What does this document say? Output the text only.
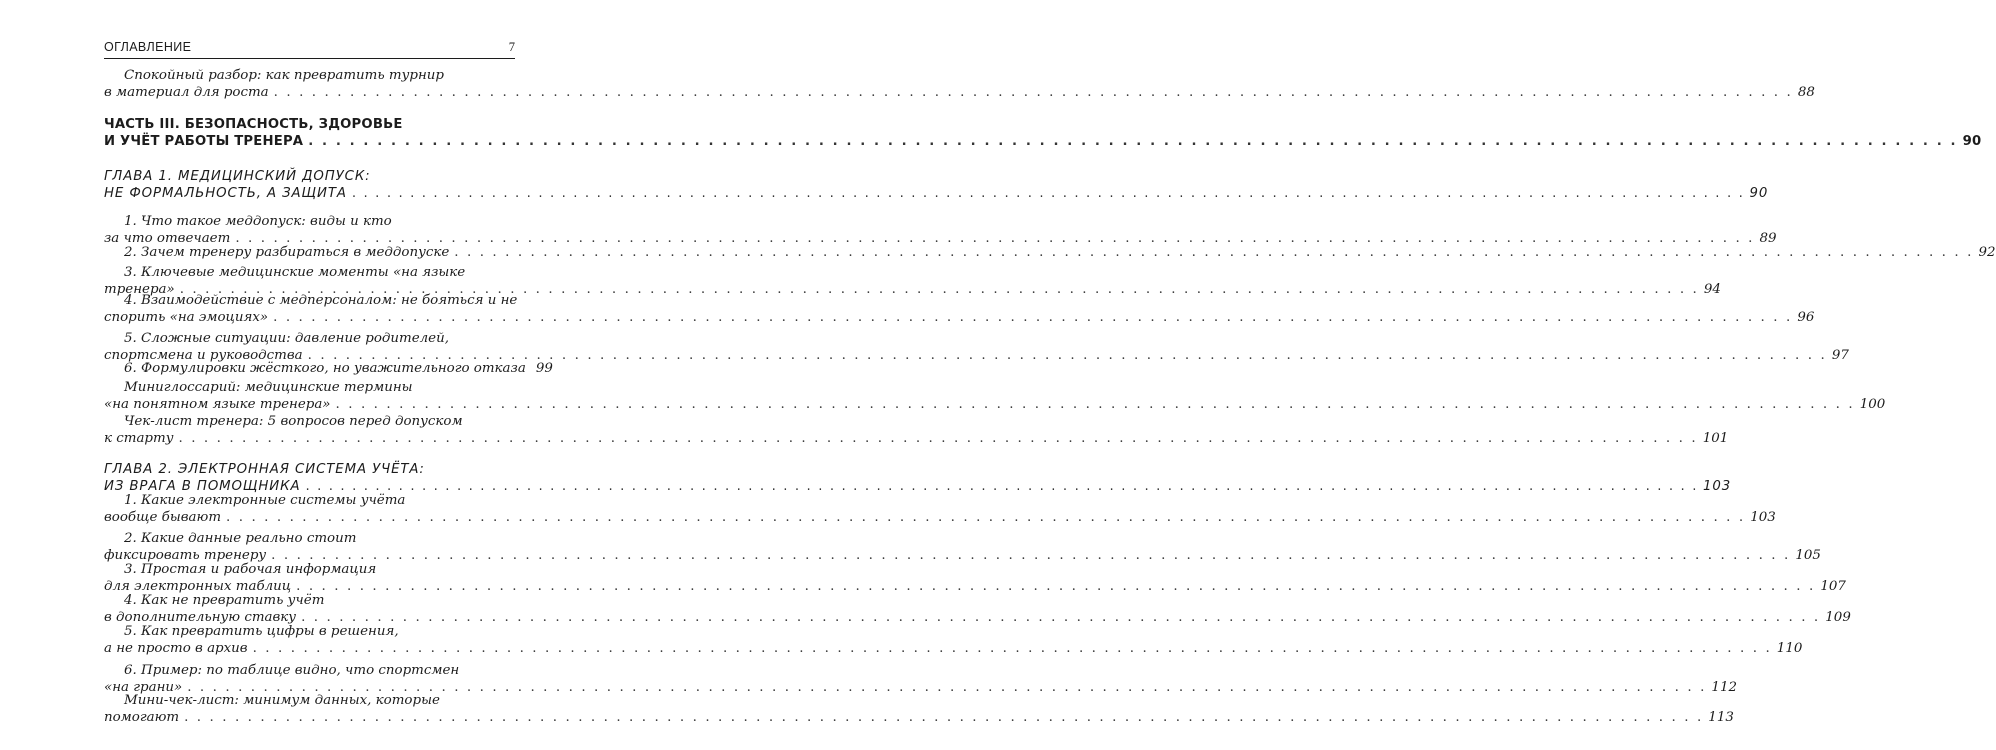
ОГЛАВЛЕНИЕ	7
Спокойный разбор: как превратить турнир
в материал для роста . . . . . . . . . . . . . . . . . . . . . . . . . . . . . . . . . . . . . . . . . . . . . . . . . . . . . . . . . . . . . . . . . . . . . . . . . . . . . . . . . . . . . . . . . . . . . . . . . . . . . . . . . . . . . . . . . . . . . . . . 88
ЧАСТЬ III. БЕЗОПАСНОСТЬ, ЗДОРОВЬЕ
И УЧЁТ РАБОТЫ ТРЕНЕРА . . . . . . . . . . . . . . . . . . . . . . . . . . . . . . . . . . . . . . . . . . . . . . . . . . . . . . . . . . . . . . . . . . . . . . . . . . . . . . . . . . . . . . . . . . . . . . . . . . . . . . . . . . . . . . . . . . . . . . . . 90
ГЛАВА 1. МЕДИЦИНСКИЙ ДОПУСК:
НЕ ФОРМАЛЬНОСТЬ, А ЗАЩИТА . . . . . . . . . . . . . . . . . . . . . . . . . . . . . . . . . . . . . . . . . . . . . . . . . . . . . . . . . . . . . . . . . . . . . . . . . . . . . . . . . . . . . . . . . . . . . . . . . . . . . . . . . . . . . . . . . . . . . . . . 90
1. Что такое меддопуск: виды и кто
за что отвечает . . . . . . . . . . . . . . . . . . . . . . . . . . . . . . . . . . . . . . . . . . . . . . . . . . . . . . . . . . . . . . . . . . . . . . . . . . . . . . . . . . . . . . . . . . . . . . . . . . . . . . . . . . . . . . . . . . . . . . . . 89
2. Зачем тренеру разбираться в меддопуске . . . . . . . . . . . . . . . . . . . . . . . . . . . . . . . . . . . . . . . . . . . . . . . . . . . . . . . . . . . . . . . . . . . . . . . . . . . . . . . . . . . . . . . . . . . . . . . . . . . . . . . . . . . . . . . . . . . . . . . . 92
3. Ключевые медицинские моменты «на языке
тренера» . . . . . . . . . . . . . . . . . . . . . . . . . . . . . . . . . . . . . . . . . . . . . . . . . . . . . . . . . . . . . . . . . . . . . . . . . . . . . . . . . . . . . . . . . . . . . . . . . . . . . . . . . . . . . . . . . . . . . . . . 94
4. Взаимодействие с медперсоналом: не бояться и не
спорить «на эмоциях» . . . . . . . . . . . . . . . . . . . . . . . . . . . . . . . . . . . . . . . . . . . . . . . . . . . . . . . . . . . . . . . . . . . . . . . . . . . . . . . . . . . . . . . . . . . . . . . . . . . . . . . . . . . . . . . . . . . . . . . . 96
5. Сложные ситуации: давление родителей,
спортсмена и руководства . . . . . . . . . . . . . . . . . . . . . . . . . . . . . . . . . . . . . . . . . . . . . . . . . . . . . . . . . . . . . . . . . . . . . . . . . . . . . . . . . . . . . . . . . . . . . . . . . . . . . . . . . . . . . . . . . . . . . . . . 97
6. Формулировки жёсткого, но уважительного отказа 99
Миниглоссарий: медицинские термины
«на понятном языке тренера» . . . . . . . . . . . . . . . . . . . . . . . . . . . . . . . . . . . . . . . . . . . . . . . . . . . . . . . . . . . . . . . . . . . . . . . . . . . . . . . . . . . . . . . . . . . . . . . . . . . . . . . . . . . . . . . . . . . . . . . . 100
Чек-лист тренера: 5 вопросов перед допуском
к старту . . . . . . . . . . . . . . . . . . . . . . . . . . . . . . . . . . . . . . . . . . . . . . . . . . . . . . . . . . . . . . . . . . . . . . . . . . . . . . . . . . . . . . . . . . . . . . . . . . . . . . . . . . . . . . . . . . . . . . . . 101
ГЛАВА 2. ЭЛЕКТРОННАЯ СИСТЕМА УЧЁТА:
ИЗ ВРАГА В ПОМОЩНИКА . . . . . . . . . . . . . . . . . . . . . . . . . . . . . . . . . . . . . . . . . . . . . . . . . . . . . . . . . . . . . . . . . . . . . . . . . . . . . . . . . . . . . . . . . . . . . . . . . . . . . . . . . . . . . . . . . . . . . . . . 103
1. Какие электронные системы учёта
вообще бывают . . . . . . . . . . . . . . . . . . . . . . . . . . . . . . . . . . . . . . . . . . . . . . . . . . . . . . . . . . . . . . . . . . . . . . . . . . . . . . . . . . . . . . . . . . . . . . . . . . . . . . . . . . . . . . . . . . . . . . . . 103
2. Какие данные реально стоит
фиксировать тренеру . . . . . . . . . . . . . . . . . . . . . . . . . . . . . . . . . . . . . . . . . . . . . . . . . . . . . . . . . . . . . . . . . . . . . . . . . . . . . . . . . . . . . . . . . . . . . . . . . . . . . . . . . . . . . . . . . . . . . . . . 105
3. Простая и рабочая информация
для электронных таблиц . . . . . . . . . . . . . . . . . . . . . . . . . . . . . . . . . . . . . . . . . . . . . . . . . . . . . . . . . . . . . . . . . . . . . . . . . . . . . . . . . . . . . . . . . . . . . . . . . . . . . . . . . . . . . . . . . . . . . . . . 107
4. Как не превратить учёт
в дополнительную ставку . . . . . . . . . . . . . . . . . . . . . . . . . . . . . . . . . . . . . . . . . . . . . . . . . . . . . . . . . . . . . . . . . . . . . . . . . . . . . . . . . . . . . . . . . . . . . . . . . . . . . . . . . . . . . . . . . . . . . . . . 109
5. Как превратить цифры в решения,
а не просто в архив . . . . . . . . . . . . . . . . . . . . . . . . . . . . . . . . . . . . . . . . . . . . . . . . . . . . . . . . . . . . . . . . . . . . . . . . . . . . . . . . . . . . . . . . . . . . . . . . . . . . . . . . . . . . . . . . . . . . . . . . 110
6. Пример: по таблице видно, что спортсмен
«на грани» . . . . . . . . . . . . . . . . . . . . . . . . . . . . . . . . . . . . . . . . . . . . . . . . . . . . . . . . . . . . . . . . . . . . . . . . . . . . . . . . . . . . . . . . . . . . . . . . . . . . . . . . . . . . . . . . . . . . . . . . 112
Мини-чек-лист: минимум данных, которые
помогают . . . . . . . . . . . . . . . . . . . . . . . . . . . . . . . . . . . . . . . . . . . . . . . . . . . . . . . . . . . . . . . . . . . . . . . . . . . . . . . . . . . . . . . . . . . . . . . . . . . . . . . . . . . . . . . . . . . . . . . . 113
